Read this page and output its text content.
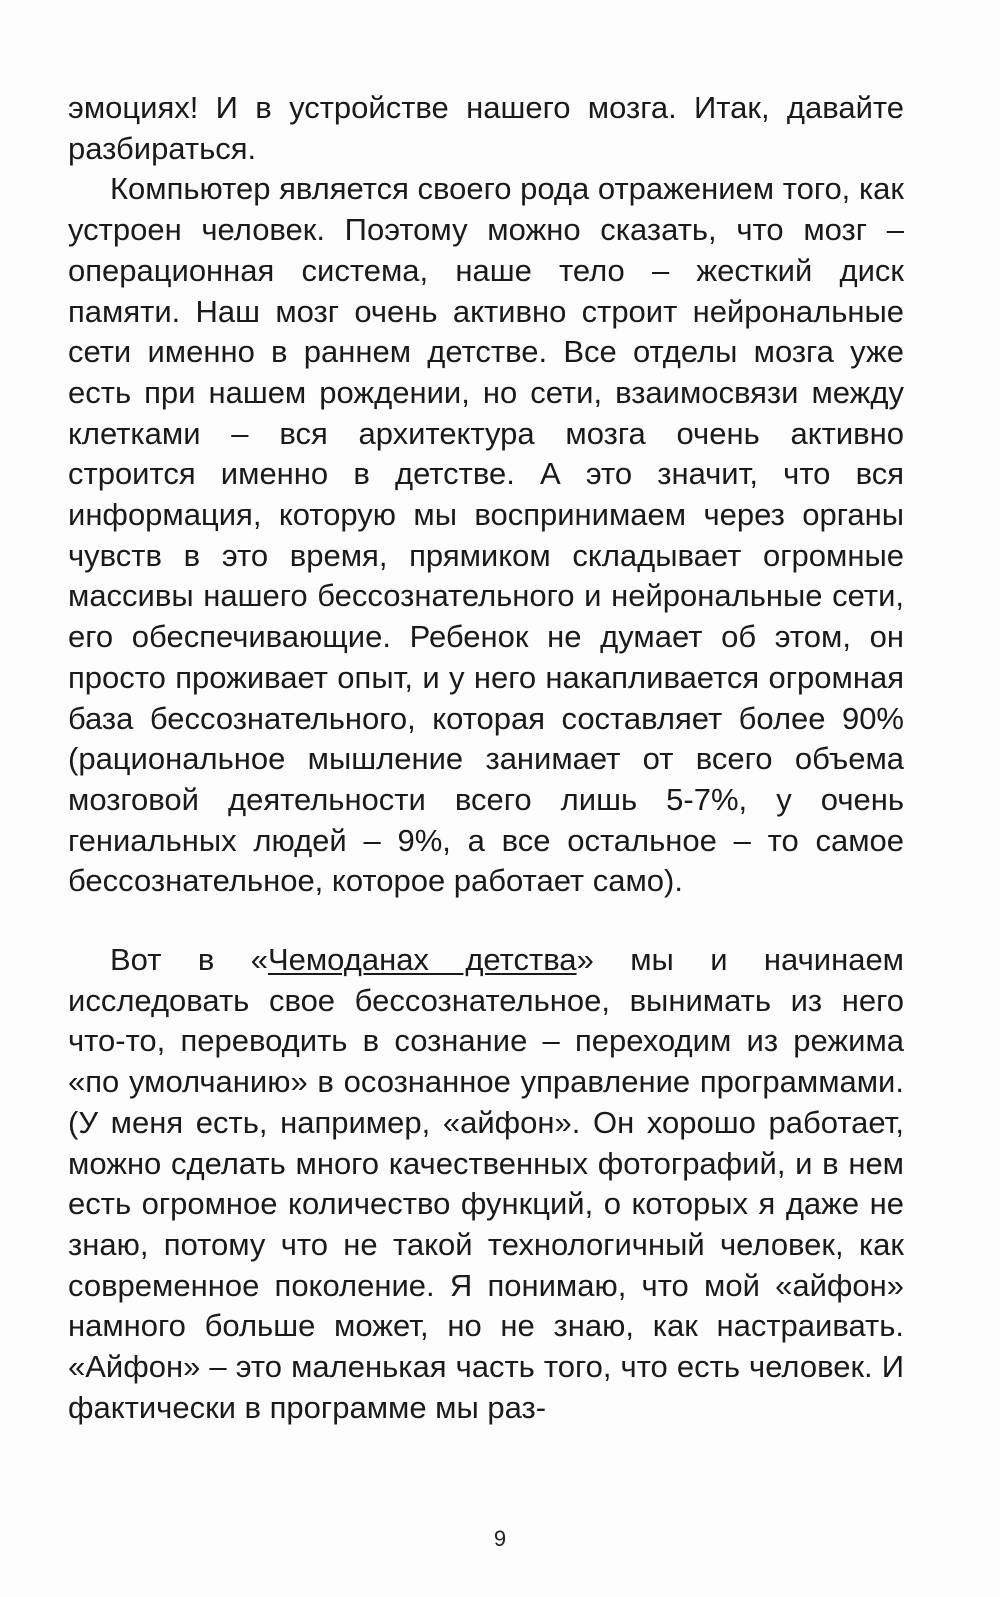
эмоциях! И в устройстве нашего мозга. Итак, давайте разбираться.

Компьютер является своего рода отражением того, как устроен человек. Поэтому можно сказать, что мозг – операционная система, наше тело – жесткий диск памяти. Наш мозг очень активно строит нейрональные сети именно в раннем детстве. Все отделы мозга уже есть при нашем рождении, но сети, взаимосвязи между клетками – вся архитектура мозга очень активно строится именно в детстве. А это значит, что вся информация, которую мы воспринимаем через органы чувств в это время, прямиком складывает огромные массивы нашего бессознательного и нейрональные сети, его обеспечивающие. Ребенок не думает об этом, он просто проживает опыт, и у него накапливается огромная база бессознательного, которая составляет более 90% (рациональное мышление занимает от всего объема мозговой деятельности всего лишь 5-7%, у очень гениальных людей – 9%, а все остальное – то самое бессознательное, которое работает само).

Вот в «Чемоданах детства» мы и начинаем исследовать свое бессознательное, вынимать из него что-то, переводить в сознание – переходим из режима «по умолчанию» в осознанное управление программами. (У меня есть, например, «айфон». Он хорошо работает, можно сделать много качественных фотографий, и в нем есть огромное количество функций, о которых я даже не знаю, потому что не такой технологичный человек, как современное поколение. Я понимаю, что мой «айфон» намного больше может, но не знаю, как настраивать. «Айфон» – это маленькая часть того, что есть человек. И фактически в программе мы раз-

9
